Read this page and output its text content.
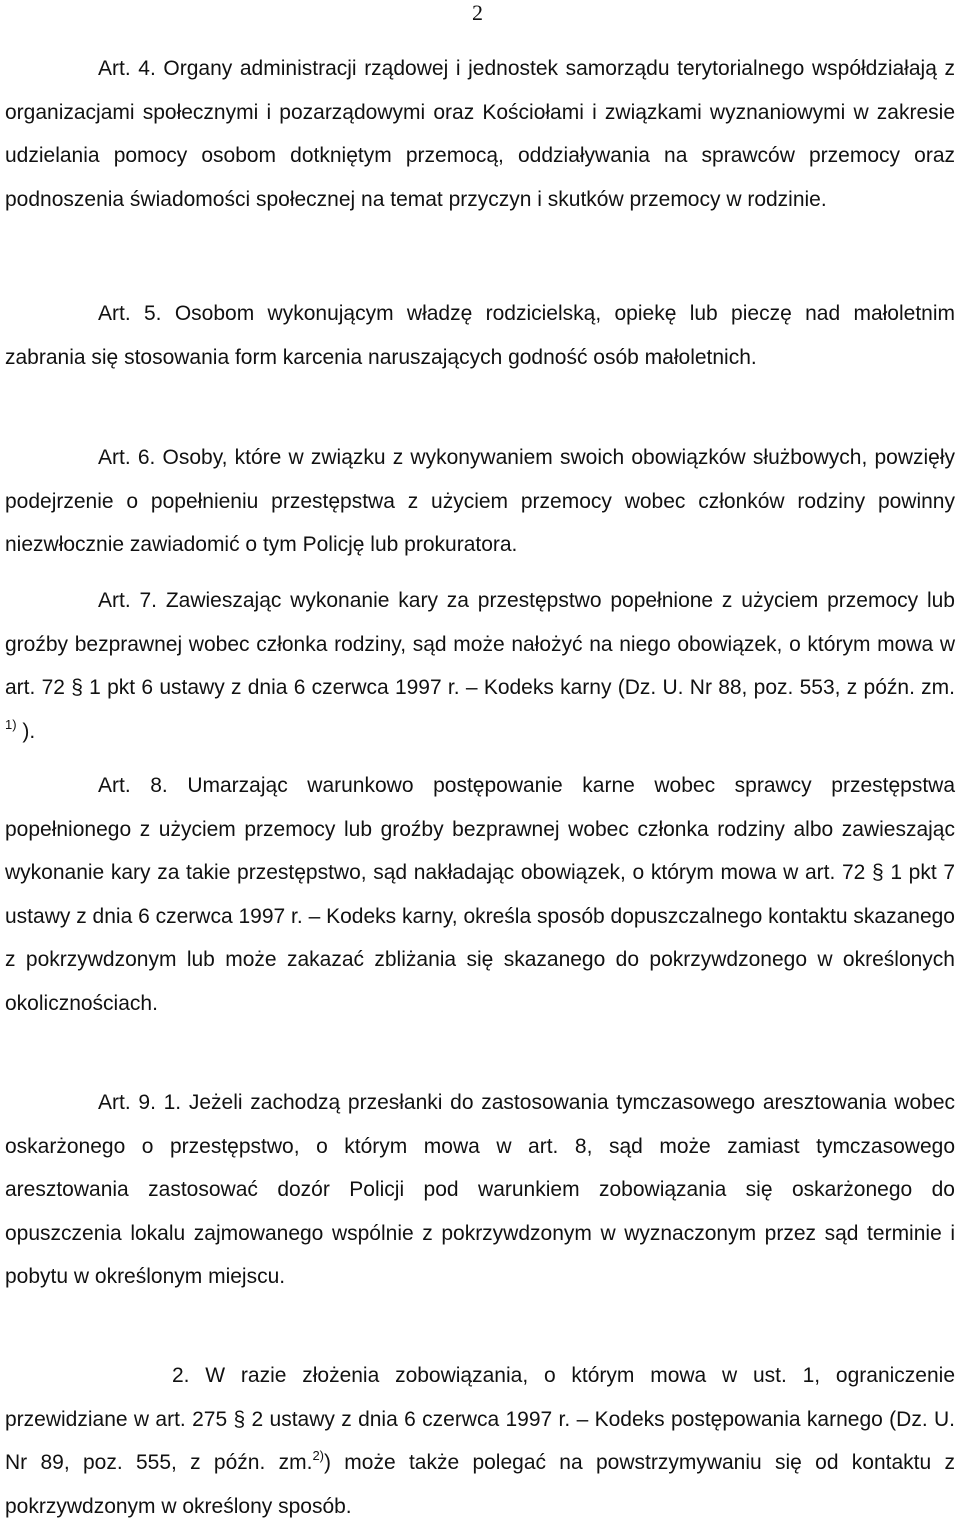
2

Art. 4. Organy administracji rządowej i jednostek samorządu terytorialnego współdziałają z organizacjami społecznymi i pozarządowymi oraz Kościołami i związkami wyznaniowymi w zakresie udzielania pomocy osobom dotkniętym przemocą, oddziaływania na sprawców przemocy oraz podnoszenia świadomości społecznej na temat przyczyn i skutków przemocy w rodzinie.

Art. 5. Osobom wykonującym władzę rodzicielską, opiekę lub pieczę nad małoletnim zabrania się stosowania form karcenia naruszających godność osób małoletnich.

Art. 6. Osoby, które w związku z wykonywaniem swoich obowiązków służbowych, powzięły podejrzenie o popełnieniu przestępstwa z użyciem przemocy wobec członków rodziny powinny niezwłocznie zawiadomić o tym Policję lub prokuratora.

Art. 7. Zawieszając wykonanie kary za przestępstwo popełnione z użyciem przemocy lub groźby bezprawnej wobec członka rodziny, sąd może nałożyć na niego obowiązek, o którym mowa w art. 72 § 1 pkt 6 ustawy z dnia 6 czerwca 1997 r. – Kodeks karny (Dz. U. Nr 88, poz. 553, z późn. zm. $^{1)}$ ).

Art. 8. Umarzając warunkowo postępowanie karne wobec sprawcy przestępstwa popełnionego z użyciem przemocy lub groźby bezprawnej wobec członka rodziny albo zawieszając wykonanie kary za takie przestępstwo, sąd nakładając obowiązek, o którym mowa w art. 72 § 1 pkt 7 ustawy z dnia 6 czerwca 1997 r. – Kodeks karny, określa sposób dopuszczalnego kontaktu skazanego z pokrzywdzonym lub może zakazać zbliżania się skazanego do pokrzywdzonego w określonych okolicznościach.

Art. 9. 1. Jeżeli zachodzą przesłanki do zastosowania tymczasowego aresztowania wobec oskarżonego o przestępstwo, o którym mowa w art. 8, sąd może zamiast tymczasowego aresztowania zastosować dozór Policji pod warunkiem zobowiązania się oskarżonego do opuszczenia lokalu zajmowanego wspólnie z pokrzywdzonym w wyznaczonym przez sąd terminie i pobytu w określonym miejscu.

2. W razie złożenia zobowiązania, o którym mowa w ust. 1, ograniczenie przewidziane w art. 275 § 2 ustawy z dnia 6 czerwca 1997 r. – Kodeks postępowania karnego (Dz. U. Nr 89, poz. 555, z późn. zm.$^{2)}$) może także polegać na powstrzymywaniu się od kontaktu z pokrzywdzonym w określony sposób.
